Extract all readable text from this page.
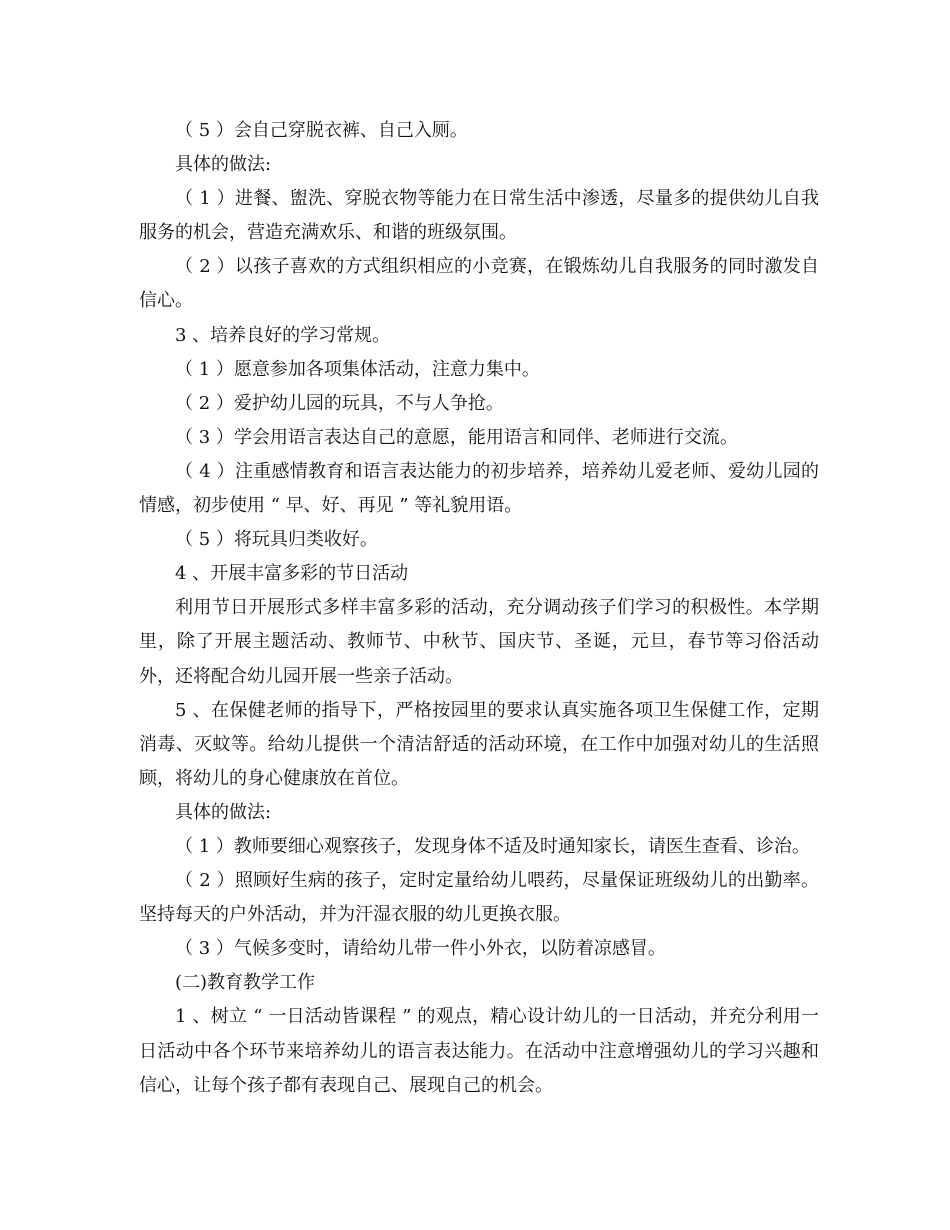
（ 5 ）会自己穿脱衣裤、自己入厕。

具体的做法:

（ 1 ）进餐、盥洗、穿脱衣物等能力在日常生活中渗透，尽量多的提供幼儿自我服务的机会，营造充满欢乐、和谐的班级氛围。

（ 2 ）以孩子喜欢的方式组织相应的小竞赛，在锻炼幼儿自我服务的同时激发自信心。

3 、培养良好的学习常规。

（ 1 ）愿意参加各项集体活动，注意力集中。

（ 2 ）爱护幼儿园的玩具，不与人争抢。

（ 3 ）学会用语言表达自己的意愿，能用语言和同伴、老师进行交流。

（ 4 ）注重感情教育和语言表达能力的初步培养，培养幼儿爱老师、爱幼儿园的情感，初步使用 “ 早、好、再见 ” 等礼貌用语。

（ 5 ）将玩具归类收好。

4 、开展丰富多彩的节日活动

利用节日开展形式多样丰富多彩的活动，充分调动孩子们学习的积极性。本学期里，除了开展主题活动、教师节、中秋节、国庆节、圣诞，元旦，春节等习俗活动外，还将配合幼儿园开展一些亲子活动。

5 、在保健老师的指导下，严格按园里的要求认真实施各项卫生保健工作，定期消毒、灭蚊等。给幼儿提供一个清洁舒适的活动环境，在工作中加强对幼儿的生活照顾，将幼儿的身心健康放在首位。

具体的做法:

（ 1 ）教师要细心观察孩子，发现身体不适及时通知家长，请医生查看、诊治。

（ 2 ）照顾好生病的孩子，定时定量给幼儿喂药，尽量保证班级幼儿的出勤率。坚持每天的户外活动，并为汗湿衣服的幼儿更换衣服。

（ 3 ）气候多变时，请给幼儿带一件小外衣，以防着凉感冒。

(二)教育教学工作

1 、树立 “ 一日活动皆课程 ” 的观点，精心设计幼儿的一日活动，并充分利用一日活动中各个环节来培养幼儿的语言表达能力。在活动中注意增强幼儿的学习兴趣和信心，让每个孩子都有表现自己、展现自己的机会。
